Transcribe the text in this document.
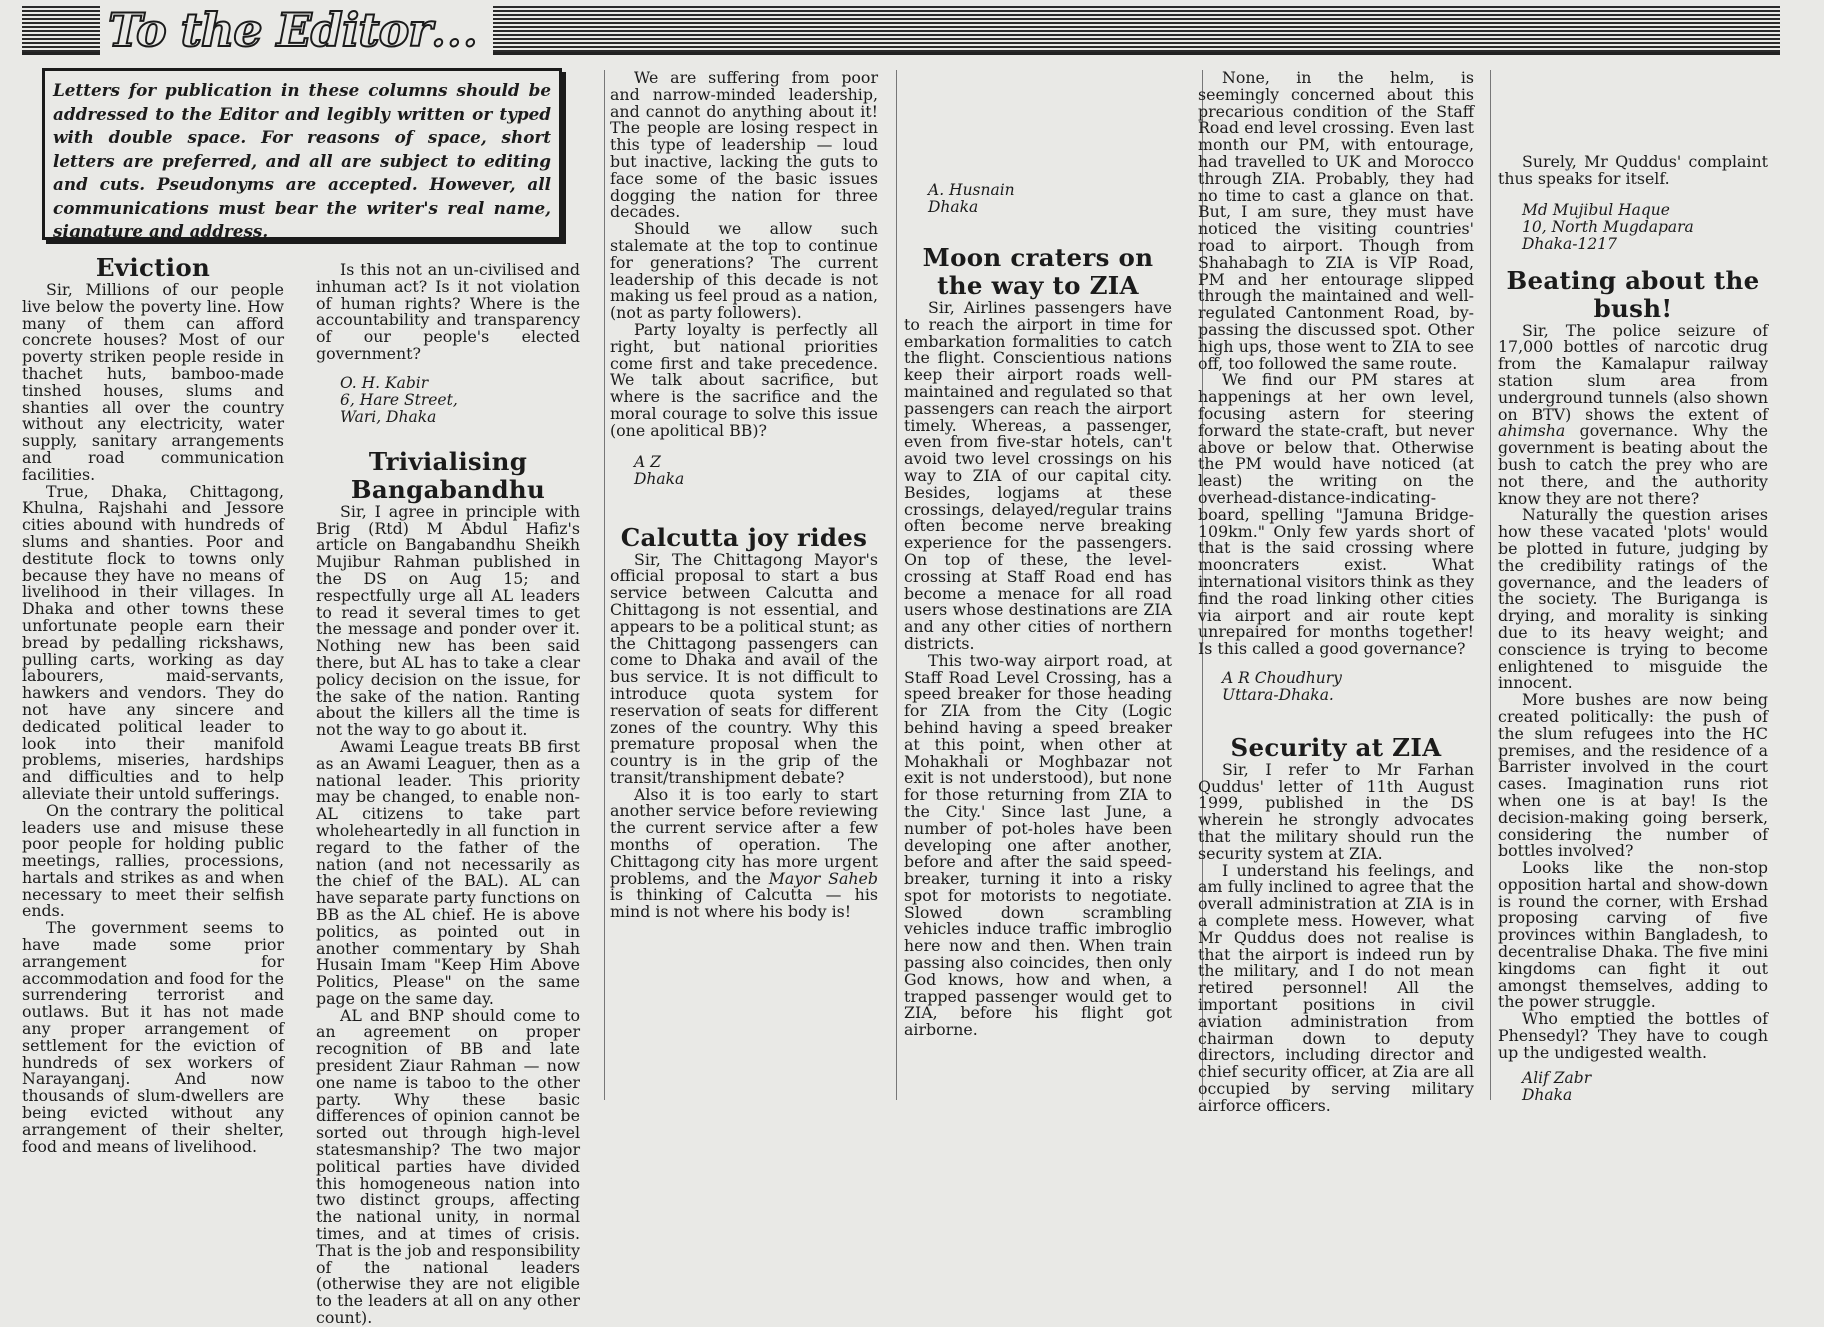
To the Editor...
Letters for publication in these columns should be addressed to the Editor and legibly written or typed with double space. For reasons of space, short letters are preferred, and all are subject to editing and cuts. Pseudonyms are accepted. However, all communications must bear the writer's real name, signature and address.
Eviction

Sir, Millions of our people live below the poverty line. How many of them can afford concrete houses? Most of our poverty striken people reside in thachet huts, bamboo-made tinshed houses, slums and shanties all over the country without any electricity, water supply, sanitary arrangements and road communication facilities.

True, Dhaka, Chittagong, Khulna, Rajshahi and Jessore cities abound with hundreds of slums and shanties. Poor and destitute flock to towns only because they have no means of livelihood in their villages. In Dhaka and other towns these unfortunate people earn their bread by pedalling rickshaws, pulling carts, working as day labourers, maid-servants, hawkers and vendors. They do not have any sincere and dedicated political leader to look into their manifold problems, miseries, hardships and difficulties and to help alleviate their untold sufferings.

On the contrary the political leaders use and misuse these poor people for holding public meetings, rallies, processions, hartals and strikes as and when necessary to meet their selfish ends.

The government seems to have made some prior arrangement for accommodation and food for the surrendering terrorist and outlaws. But it has not made any proper arrangement of settlement for the eviction of hundreds of sex workers of Narayanganj. And now thousands of slum-dwellers are being evicted without any arrangement of their shelter, food and means of livelihood.

Is this not an un-civilised and inhuman act? Is it not violation of human rights? Where is the accountability and transparency of our people's elected government?

O. H. Kabir

6, Hare Street,

Wari, Dhaka

Trivialising Bangabandhu

Sir, I agree in principle with Brig (Rtd) M Abdul Hafiz's article on Bangabandhu Sheikh Mujibur Rahman published in the DS on Aug 15; and respectfully urge all AL leaders to read it several times to get the message and ponder over it. Nothing new has been said there, but AL has to take a clear policy decision on the issue, for the sake of the nation. Ranting about the killers all the time is not the way to go about it.

Awami League treats BB first as an Awami Leaguer, then as a national leader. This priority may be changed, to enable non-AL citizens to take part wholeheartedly in all function in regard to the father of the nation (and not necessarily as the chief of the BAL). AL can have separate party functions on BB as the AL chief. He is above politics, as pointed out in another commentary by Shah Husain Imam "Keep Him Above Politics, Please" on the same page on the same day.

AL and BNP should come to an agreement on proper recognition of BB and late president Ziaur Rahman — now one name is taboo to the other party. Why these basic differences of opinion cannot be sorted out through high-level statesmanship? The two major political parties have divided this homogeneous nation into two distinct groups, affecting the national unity, in normal times, and at times of crisis. That is the job and responsibility of the national leaders (otherwise they are not eligible to the leaders at all on any other count).

We are suffering from poor and narrow-minded leadership, and cannot do anything about it! The people are losing respect in this type of leadership — loud but inactive, lacking the guts to face some of the basic issues dogging the nation for three decades.

Should we allow such stalemate at the top to continue for generations? The current leadership of this decade is not making us feel proud as a nation, (not as party followers).

Party loyalty is perfectly all right, but national priorities come first and take precedence. We talk about sacrifice, but where is the sacrifice and the moral courage to solve this issue (one apolitical BB)?

A Z

Dhaka

Calcutta joy rides

Sir, The Chittagong Mayor's official proposal to start a bus service between Calcutta and Chittagong is not essential, and appears to be a political stunt; as the Chittagong passengers can come to Dhaka and avail of the bus service. It is not difficult to introduce quota system for reservation of seats for different zones of the country. Why this premature proposal when the country is in the grip of the transit/transhipment debate?

Also it is too early to start another service before reviewing the current service after a few months of operation. The Chittagong city has more urgent problems, and the Mayor Saheb is thinking of Calcutta — his mind is not where his body is!

A. Husnain

Dhaka

Moon craters on the way to ZIA

Sir, Airlines passengers have to reach the airport in time for embarkation formalities to catch the flight. Conscientious nations keep their airport roads well-maintained and regulated so that passengers can reach the airport timely. Whereas, a passenger, even from five-star hotels, can't avoid two level crossings on his way to ZIA of our capital city. Besides, logjams at these crossings, delayed/regular trains often become nerve breaking experience for the passengers. On top of these, the level-crossing at Staff Road end has become a menace for all road users whose destinations are ZIA and any other cities of northern districts.

This two-way airport road, at Staff Road Level Crossing, has a speed breaker for those heading for ZIA from the City (Logic behind having a speed breaker at this point, when other at Mohakhali or Moghbazar not exit is not understood), but none for those returning from ZIA to the City.' Since last June, a number of pot-holes have been developing one after another, before and after the said speed-breaker, turning it into a risky spot for motorists to negotiate. Slowed down scrambling vehicles induce traffic imbroglio here now and then. When train passing also coincides, then only God knows, how and when, a trapped passenger would get to ZIA, before his flight got airborne.

None, in the helm, is seemingly concerned about this precarious condition of the Staff Road end level crossing. Even last month our PM, with entourage, had travelled to UK and Morocco through ZIA. Probably, they had no time to cast a glance on that. But, I am sure, they must have noticed the visiting countries' road to airport. Though from Shahabagh to ZIA is VIP Road, PM and her entourage slipped through the maintained and well-regulated Cantonment Road, by-passing the discussed spot. Other high ups, those went to ZIA to see off, too followed the same route.

We find our PM stares at happenings at her own level, focusing astern for steering forward the state-craft, but never above or below that. Otherwise the PM would have noticed (at least) the writing on the overhead-distance-indicating-board, spelling "Jamuna Bridge-109km." Only few yards short of that is the said crossing where mooncraters exist. What international visitors think as they find the road linking other cities via airport and air route kept unrepaired for months together! Is this called a good governance?

A R Choudhury

Uttara-Dhaka.

Security at ZIA

Sir, I refer to Mr Farhan Quddus' letter of 11th August 1999, published in the DS wherein he strongly advocates that the military should run the security system at ZIA.

I understand his feelings, and am fully inclined to agree that the overall administration at ZIA is in a complete mess. However, what Mr Quddus does not realise is that the airport is indeed run by the military, and I do not mean retired personnel! All the important positions in civil aviation administration from chairman down to deputy directors, including director and chief security officer, at Zia are all occupied by serving military airforce officers.

Surely, Mr Quddus' complaint thus speaks for itself.

Md Mujibul Haque

10, North Mugdapara

Dhaka-1217

Beating about the bush!

Sir, The police seizure of 17,000 bottles of narcotic drug from the Kamalapur railway station slum area from underground tunnels (also shown on BTV) shows the extent of ahimsha governance. Why the government is beating about the bush to catch the prey who are not there, and the authority know they are not there?

Naturally the question arises how these vacated 'plots' would be plotted in future, judging by the credibility ratings of the governance, and the leaders of the society. The Buriganga is drying, and morality is sinking due to its heavy weight; and conscience is trying to become enlightened to misguide the innocent.

More bushes are now being created politically: the push of the slum refugees into the HC premises, and the residence of a Barrister involved in the court cases. Imagination runs riot when one is at bay! Is the decision-making going berserk, considering the number of bottles involved?

Looks like the non-stop opposition hartal and show-down is round the corner, with Ershad proposing carving of five provinces within Bangladesh, to decentralise Dhaka. The five mini kingdoms can fight it out amongst themselves, adding to the power struggle.

Who emptied the bottles of Phensedyl? They have to cough up the undigested wealth.

Alif Zabr

Dhaka
